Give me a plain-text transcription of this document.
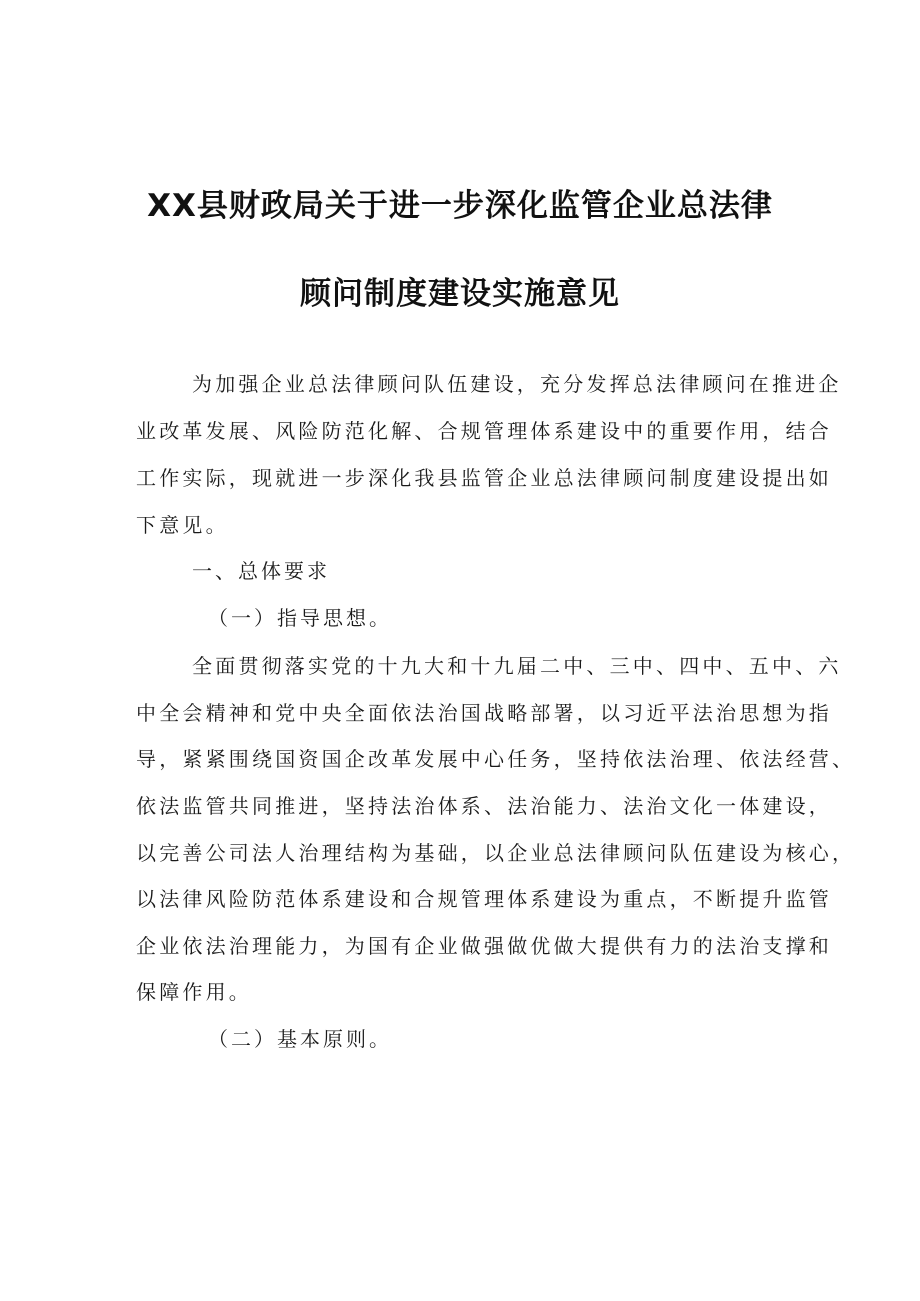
XX县财政局关于进一步深化监管企业总法律
顾问制度建设实施意见
为加强企业总法律顾问队伍建设，充分发挥总法律顾问在推进企
业改革发展、风险防范化解、合规管理体系建设中的重要作用，结合
工作实际，现就进一步深化我县监管企业总法律顾问制度建设提出如
下意见。
一、总体要求
（一）指导思想。
全面贯彻落实党的十九大和十九届二中、三中、四中、五中、六
中全会精神和党中央全面依法治国战略部署，以习近平法治思想为指
导，紧紧围绕国资国企改革发展中心任务，坚持依法治理、依法经营、
依法监管共同推进，坚持法治体系、法治能力、法治文化一体建设，
以完善公司法人治理结构为基础，以企业总法律顾问队伍建设为核心，
以法律风险防范体系建设和合规管理体系建设为重点，不断提升监管
企业依法治理能力，为国有企业做强做优做大提供有力的法治支撑和
保障作用。
（二）基本原则。
